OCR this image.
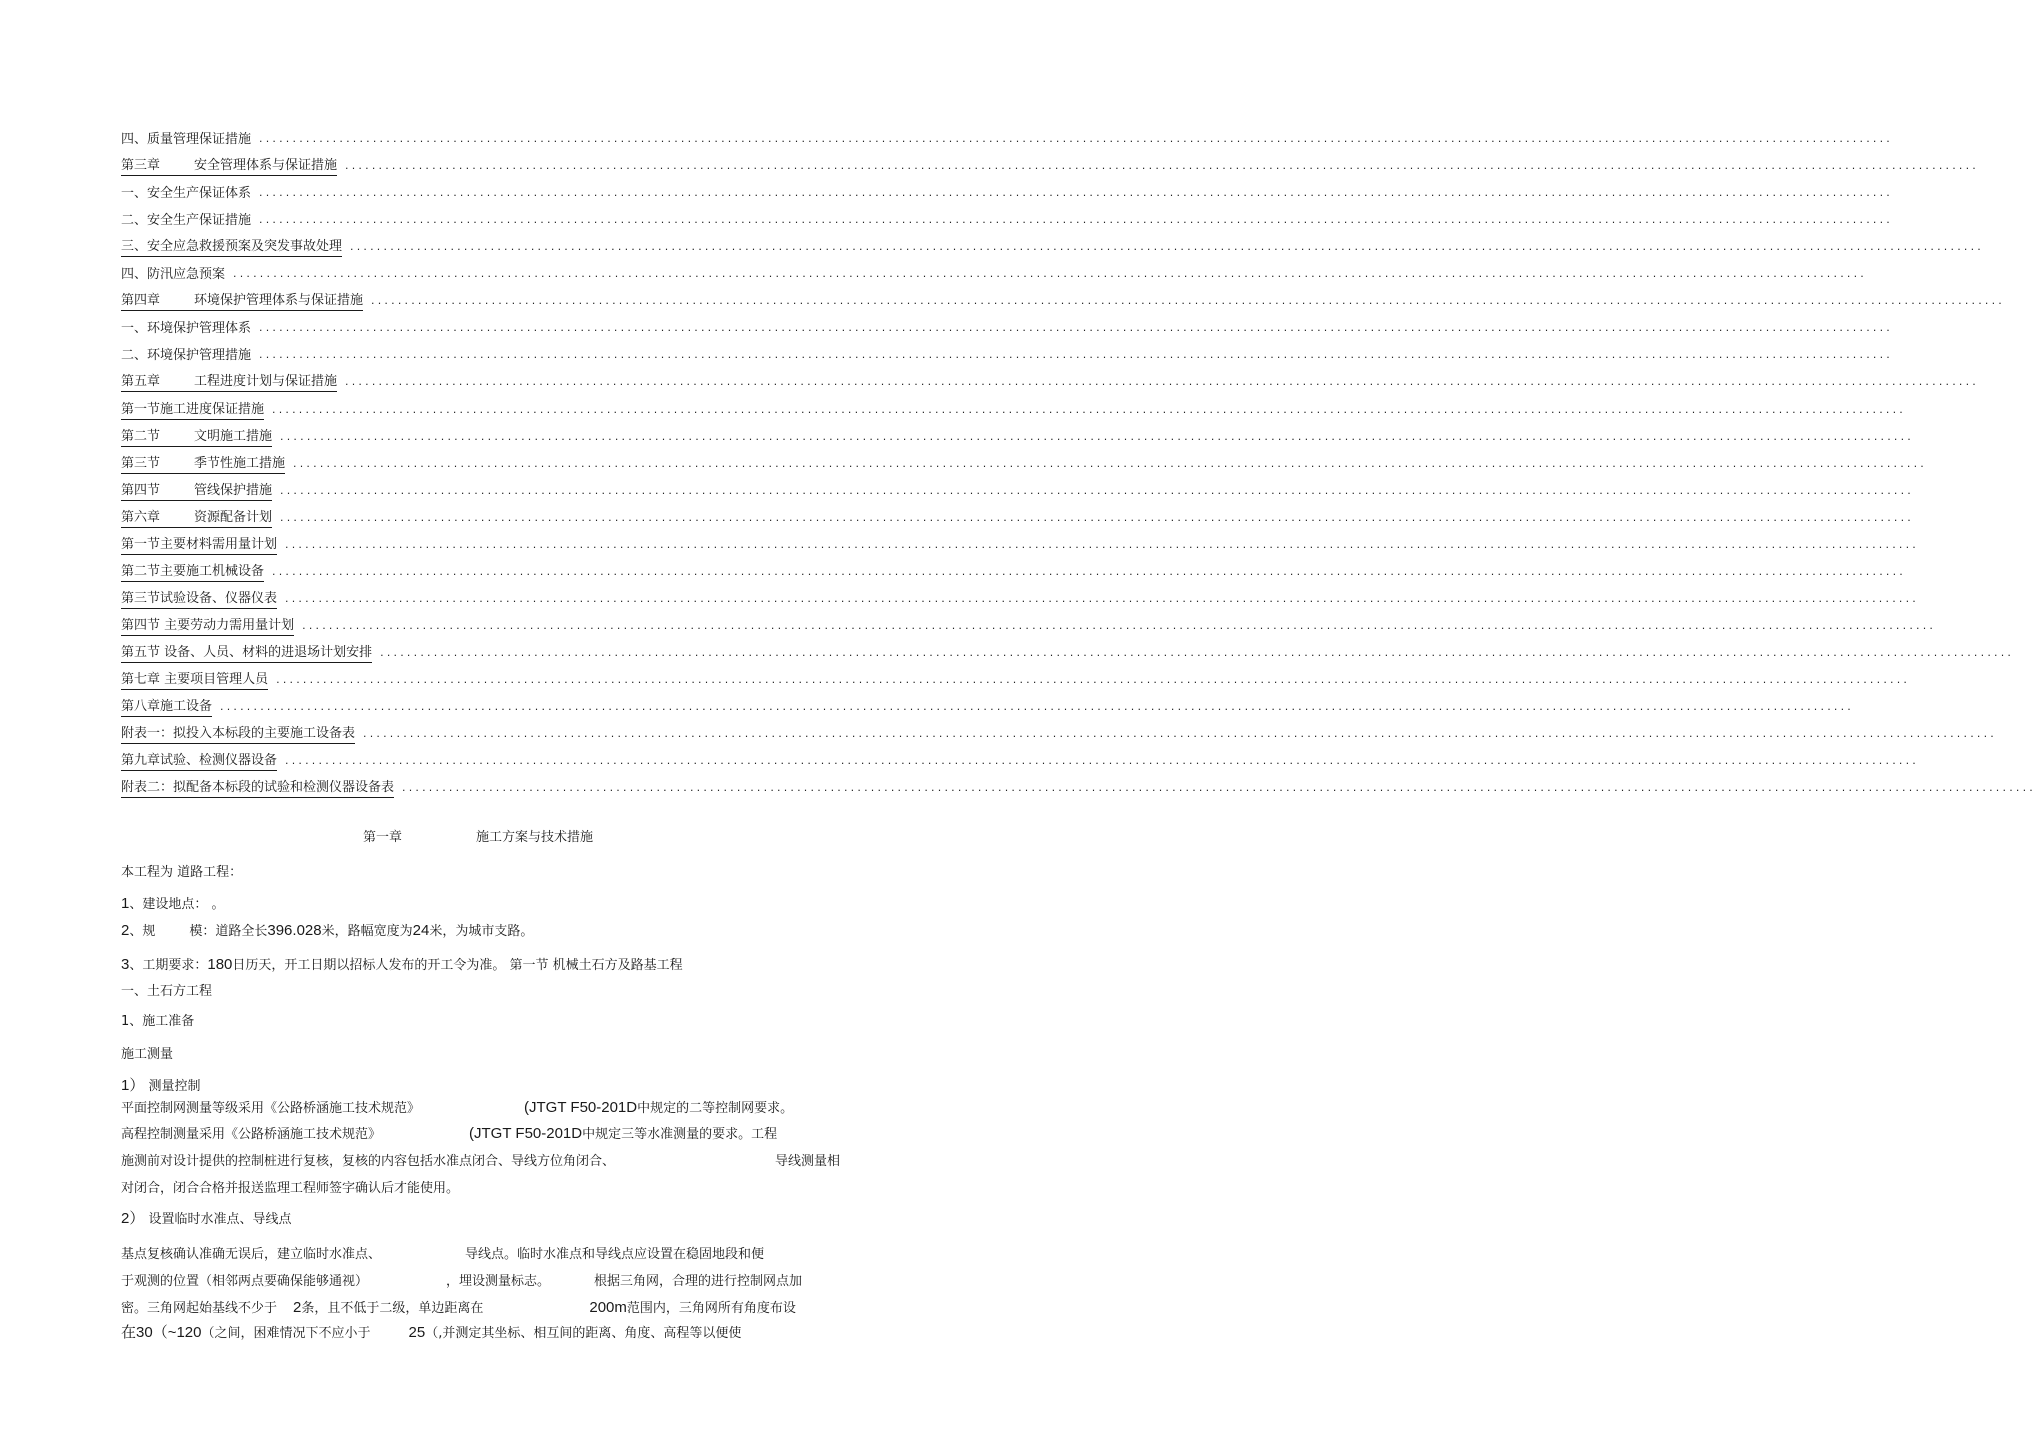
四、质量管理保证措施 ....................................................................................................................................................................................................................................................
第三章	安全管理体系与保证措施 ....................................................................................................................................................................................................................................................
一、安全生产保证体系 ....................................................................................................................................................................................................................................................
二、安全生产保证措施 ....................................................................................................................................................................................................................................................
三、安全应急救援预案及突发事故处理 ....................................................................................................................................................................................................................................................
四、防汛应急预案 ....................................................................................................................................................................................................................................................
第四章	环境保护管理体系与保证措施 ....................................................................................................................................................................................................................................................
一、环境保护管理体系 ....................................................................................................................................................................................................................................................
二、环境保护管理措施 ....................................................................................................................................................................................................................................................
第五章	工程进度计划与保证措施 ....................................................................................................................................................................................................................................................
第一节施工进度保证措施 ....................................................................................................................................................................................................................................................
第二节	文明施工措施 ....................................................................................................................................................................................................................................................
第三节	季节性施工措施 ....................................................................................................................................................................................................................................................
第四节	管线保护措施 ....................................................................................................................................................................................................................................................
第六章	资源配备计划 ....................................................................................................................................................................................................................................................
第一节主要材料需用量计划 ....................................................................................................................................................................................................................................................
第二节主要施工机械设备 ....................................................................................................................................................................................................................................................
第三节试验设备、仪器仪表 ....................................................................................................................................................................................................................................................
第四节 主要劳动力需用量计划 ....................................................................................................................................................................................................................................................
第五节 设备、人员、材料的进退场计划安排 ....................................................................................................................................................................................................................................................
第七章 主要项目管理人员 ....................................................................................................................................................................................................................................................
第八章施工设备 ....................................................................................................................................................................................................................................................
附表一：拟投入本标段的主要施工设备表 ....................................................................................................................................................................................................................................................
第九章试验、检测仪器设备 ....................................................................................................................................................................................................................................................
附表二：拟配备本标段的试验和检测仪器设备表 ....................................................................................................................................................................................................................................................
第一章	施工方案与技术措施
本工程为 道路工程：
1、建设地点： 。
2、规	模：道路全长396.028米，路幅宽度为24米，为城市支路。
3、工期要求：180日历天，开工日期以招标人发布的开工令为准。 第一节 机械土石方及路基工程
一、土石方工程
1、施工准备
施工测量
1） 测量控制
平面控制网测量等级采用《公路桥涵施工技术规范》	(JTGT F50-201D中规定的二等控制网要求。
高程控制测量采用《公路桥涵施工技术规范》	(JTGT F50-201D中规定三等水准测量的要求。工程
施测前对设计提供的控制桩进行复核，复核的内容包括水准点闭合、导线方位角闭合、	导线测量相
对闭合，闭合合格并报送监理工程师签字确认后才能使用。
2） 设置临时水准点、导线点
基点复核确认准确无误后，建立临时水准点、	导线点。临时水准点和导线点应设置在稳固地段和便
于观测的位置（相邻两点要确保能够通视）	，埋设测量标志。	根据三角网，合理的进行控制网点加
密。三角网起始基线不少于 2条，且不低于二级，单边距离在	200m范围内，三角网所有角度布设
在30（~120（之间，困难情况下不应小于	25（,并测定其坐标、相互间的距离、角度、高程等以便使
